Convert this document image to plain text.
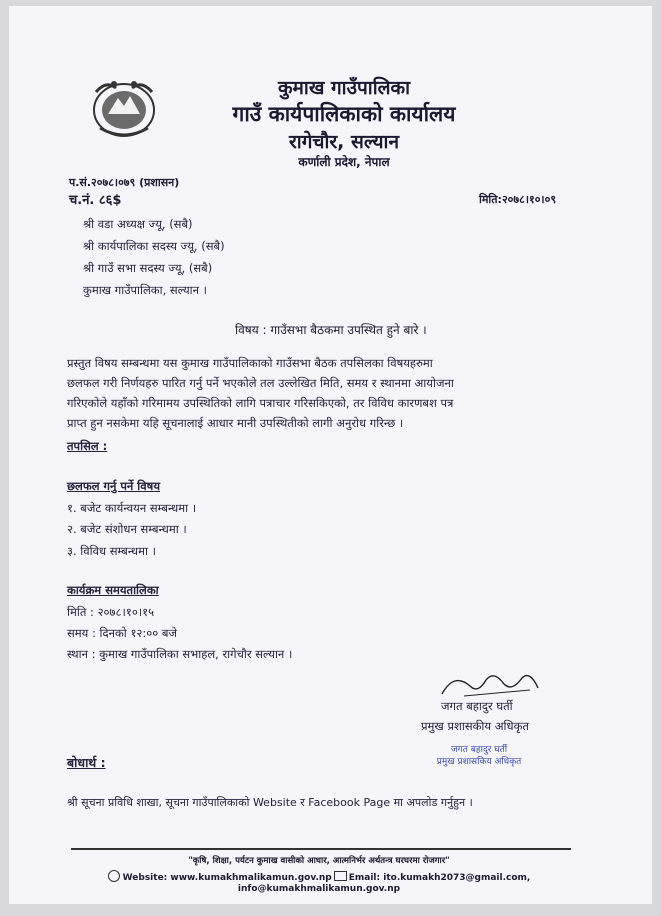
कुमाख गाउँपालिका
गाउँ कार्यपालिकाको कार्यालय
रागेचौर, सल्यान
कर्णाली प्रदेश, नेपाल
प.सं.२०७८।०७९ (प्रशासन)
च.नं. ८६$	मिति:२०७८।१०।०९
श्री वडा अध्यक्ष ज्यू, (सबै)
श्री कार्यपालिका सदस्य ज्यू, (सबै)
श्री गाउँ सभा सदस्य ज्यू, (सबै)
कुमाख गाउँपालिका, सल्यान ।
विषय : गाउँसभा बैठकमा उपस्थित हुने बारे ।
प्रस्तुत विषय सम्बन्धमा यस कुमाख गाउँपालिकाको गाउँसभा बैठक तपसिलका विषयहरुमा
छलफल गरी निर्णयहरु पारित गर्नु पर्ने भएकोले तल उल्लेखित मिति, समय र स्थानमा आयोजना
गरिएकोले यहाँको गरिमामय उपस्थितिको लागि पत्राचार गरिसकिएको, तर विविध कारणबश पत्र
प्राप्त हुन नसकेमा यहि सूचनालाई आधार मानी उपस्थितीको लागी अनुरोध गरिन्छ ।
तपसिल :
छलफल गर्नु पर्ने विषय
१. बजेट कार्यन्वयन सम्बन्धमा ।
२. बजेट संशोधन सम्बन्धमा ।
३. विविध सम्बन्धमा ।
कार्यक्रम समयतालिका
मिति : २०७८।१०।१५
समय : दिनको १२:०० बजे
स्थान : कुमाख गाउँपालिका सभाहल, रागेचौर सल्यान ।
जगत बहादुर घर्ती
प्रमुख प्रशासकीय अधिकृत
जगत बहादुर घर्ती
प्रमुख प्रशासकिय अधिकृत
बोधार्थ :
श्री सूचना प्रविधि शाखा, सूचना गाउँपालिकाको Website र Facebook Page मा अपलोड गर्नुहुन ।
"कृषि, शिक्षा, पर्यटन कुमाख वासीको आधार, आत्मनिर्भर अर्थतन्त्र घरघरमा रोजगार"
Website: www.kumakhmalikamun.gov.np Email: ito.kumakh2073@gmail.com,
info@kumakhmalikamun.gov.np
